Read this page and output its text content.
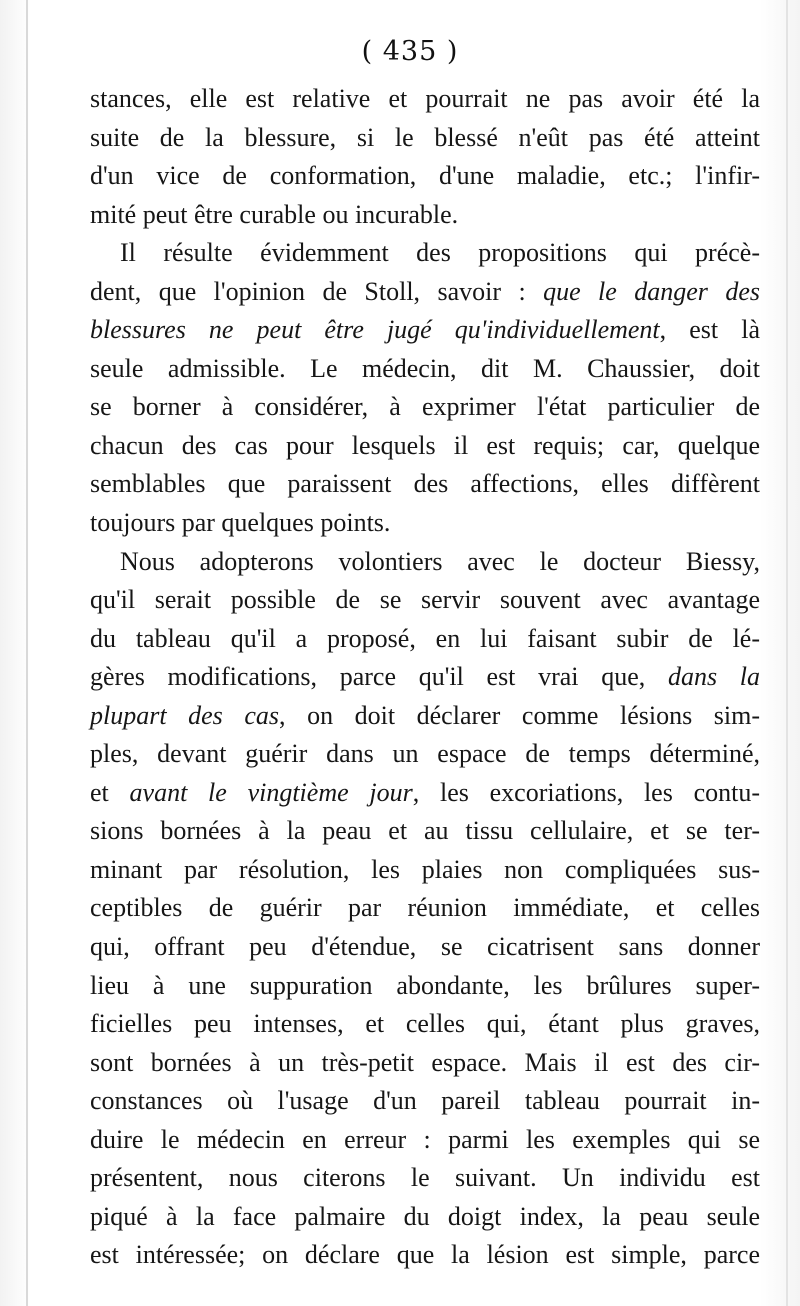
( 435 )
stances, elle est relative et pourrait ne pas avoir été la
suite de la blessure, si le blessé n'eût pas été atteint
d'un vice de conformation, d'une maladie, etc.; l'infir-
mité peut être curable ou incurable.
Il résulte évidemment des propositions qui précè-
dent, que l'opinion de Stoll, savoir : que le danger des
blessures ne peut être jugé qu'individuellement, est là
seule admissible. Le médecin, dit M. Chaussier, doit
se borner à considérer, à exprimer l'état particulier de
chacun des cas pour lesquels il est requis; car, quelque
semblables que paraissent des affections, elles diffèrent
toujours par quelques points.
Nous adopterons volontiers avec le docteur Biessy,
qu'il serait possible de se servir souvent avec avantage
du tableau qu'il a proposé, en lui faisant subir de lé-
gères modifications, parce qu'il est vrai que, dans la
plupart des cas, on doit déclarer comme lésions sim-
ples, devant guérir dans un espace de temps déterminé,
et avant le vingtième jour, les excoriations, les contu-
sions bornées à la peau et au tissu cellulaire, et se ter-
minant par résolution, les plaies non compliquées sus-
ceptibles de guérir par réunion immédiate, et celles
qui, offrant peu d'étendue, se cicatrisent sans donner
lieu à une suppuration abondante, les brûlures super-
ficielles peu intenses, et celles qui, étant plus graves,
sont bornées à un très-petit espace. Mais il est des cir-
constances où l'usage d'un pareil tableau pourrait in-
duire le médecin en erreur : parmi les exemples qui se
présentent, nous citerons le suivant. Un individu est
piqué à la face palmaire du doigt index, la peau seule
est intéressée; on déclare que la lésion est simple, parce
